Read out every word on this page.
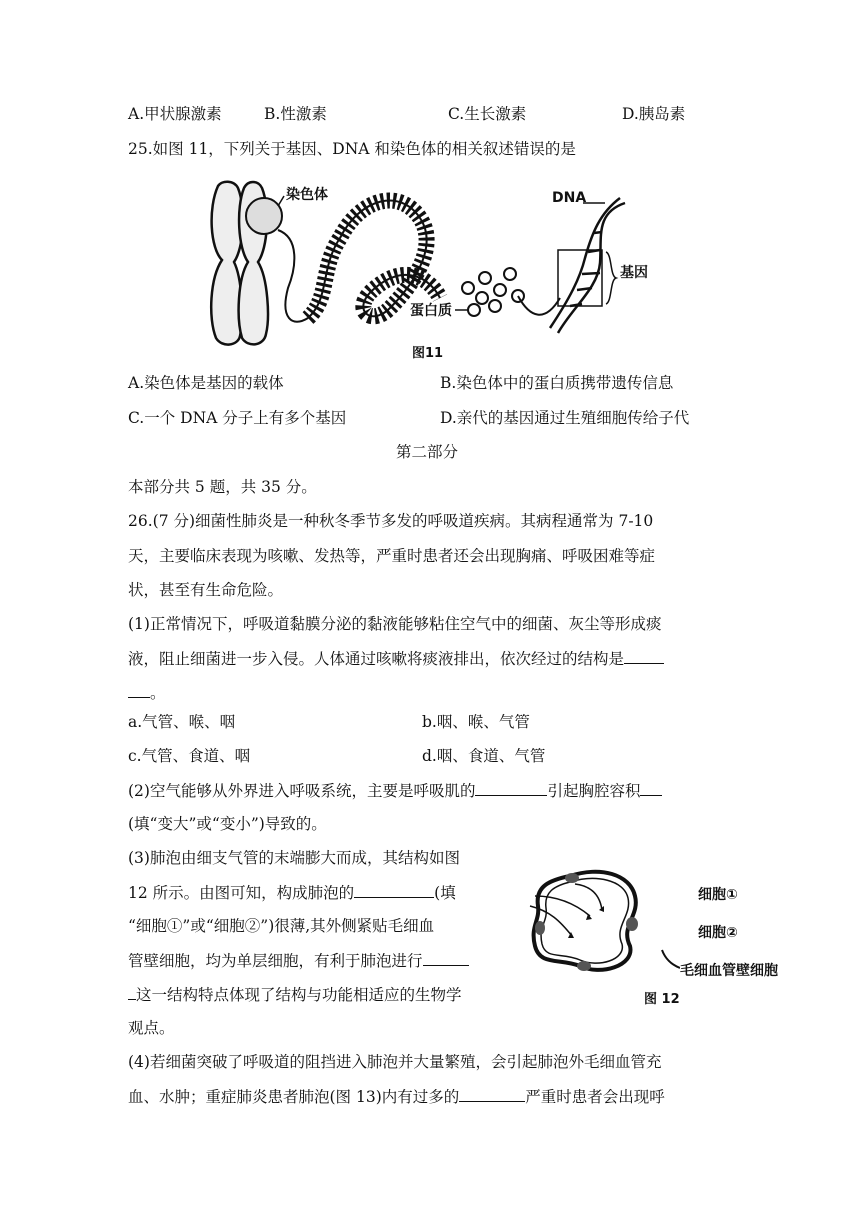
A.甲状腺激素	B.性激素	C.生长激素	D.胰岛素
25.如图 11，下列关于基因、DNA 和染色体的相关叙述错误的是
染色体	DNA
基因
蛋白质
图11
A.染色体是基因的载体	B.染色体中的蛋白质携带遗传信息
C.一个 DNA 分子上有多个基因	D.亲代的基因通过生殖细胞传给子代
第二部分
本部分共 5 题，共 35 分。
26.(7 分)细菌性肺炎是一种秋冬季节多发的呼吸道疾病。其病程通常为 7-10
天，主要临床表现为咳嗽、发热等，严重时患者还会出现胸痛、呼吸困难等症
状，甚至有生命危险。
(1)正常情况下，呼吸道黏膜分泌的黏液能够粘住空气中的细菌、灰尘等形成痰
液，阻止细菌进一步入侵。人体通过咳嗽将痰液排出，依次经过的结构是
。
a.气管、喉、咽	b.咽、喉、气管
c.气管、食道、咽	d.咽、食道、气管
(2)空气能够从外界进入呼吸系统，主要是呼吸肌的	引起胸腔容积
(填“变大”或“变小”)导致的。
(3)肺泡由细支气管的末端膨大而成，其结构如图
12 所示。由图可知，构成肺泡的	(填
“细胞①”或“细胞②”)很薄,其外侧紧贴毛细血
管壁细胞，均为单层细胞，有利于肺泡进行
这一结构特点体现了结构与功能相适应的生物学
观点。
细胞①
细胞②
毛细血管壁细胞
图 12
(4)若细菌突破了呼吸道的阻挡进入肺泡并大量繁殖，会引起肺泡外毛细血管充
血、水肿；重症肺炎患者肺泡(图 13)内有过多的	严重时患者会出现呼
